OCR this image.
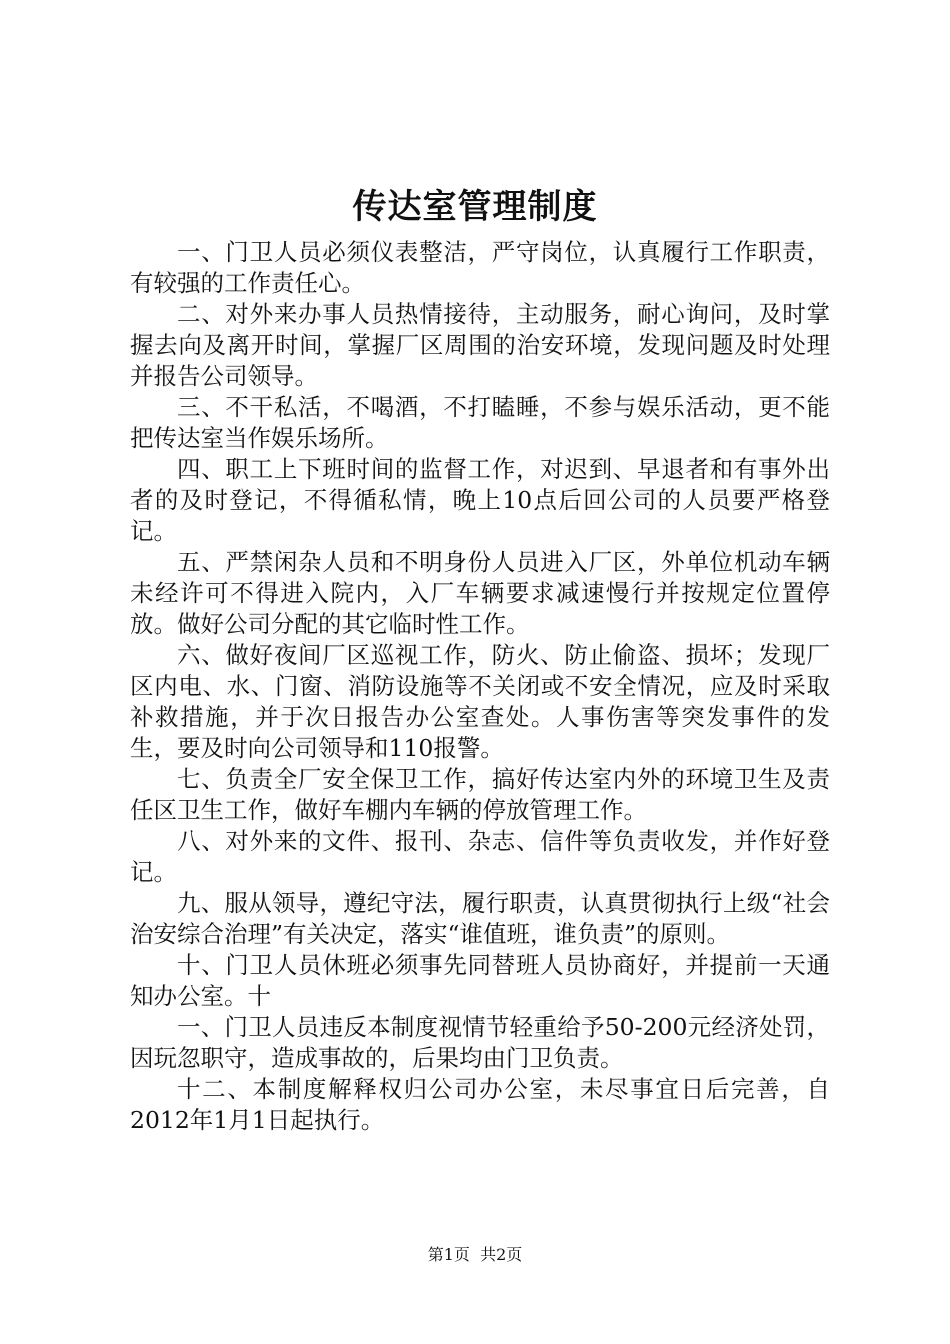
传达室管理制度

一、门卫人员必须仪表整洁，严守岗位，认真履行工作职责，有较强的工作责任心。

二、对外来办事人员热情接待，主动服务，耐心询问，及时掌握去向及离开时间，掌握厂区周围的治安环境，发现问题及时处理并报告公司领导。

三、不干私活，不喝酒，不打瞌睡，不参与娱乐活动，更不能把传达室当作娱乐场所。

四、职工上下班时间的监督工作，对迟到、早退者和有事外出者的及时登记，不得循私情，晚上10点后回公司的人员要严格登记。

五、严禁闲杂人员和不明身份人员进入厂区，外单位机动车辆未经许可不得进入院内，入厂车辆要求减速慢行并按规定位置停放。做好公司分配的其它临时性工作。

六、做好夜间厂区巡视工作，防火、防止偷盗、损坏；发现厂区内电、水、门窗、消防设施等不关闭或不安全情况，应及时采取补救措施，并于次日报告办公室查处。人事伤害等突发事件的发生，要及时向公司领导和110报警。

七、负责全厂安全保卫工作，搞好传达室内外的环境卫生及责任区卫生工作，做好车棚内车辆的停放管理工作。

八、对外来的文件、报刊、杂志、信件等负责收发，并作好登记。

九、服从领导，遵纪守法，履行职责，认真贯彻执行上级“社会治安综合治理”有关决定，落实“谁值班，谁负责”的原则。

十、门卫人员休班必须事先同替班人员协商好，并提前一天通知办公室。十

一、门卫人员违反本制度视情节轻重给予50-200元经济处罚，因玩忽职守，造成事故的，后果均由门卫负责。

十二、本制度解释权归公司办公室，未尽事宜日后完善，自2012年1月1日起执行。

第1页  共2页
